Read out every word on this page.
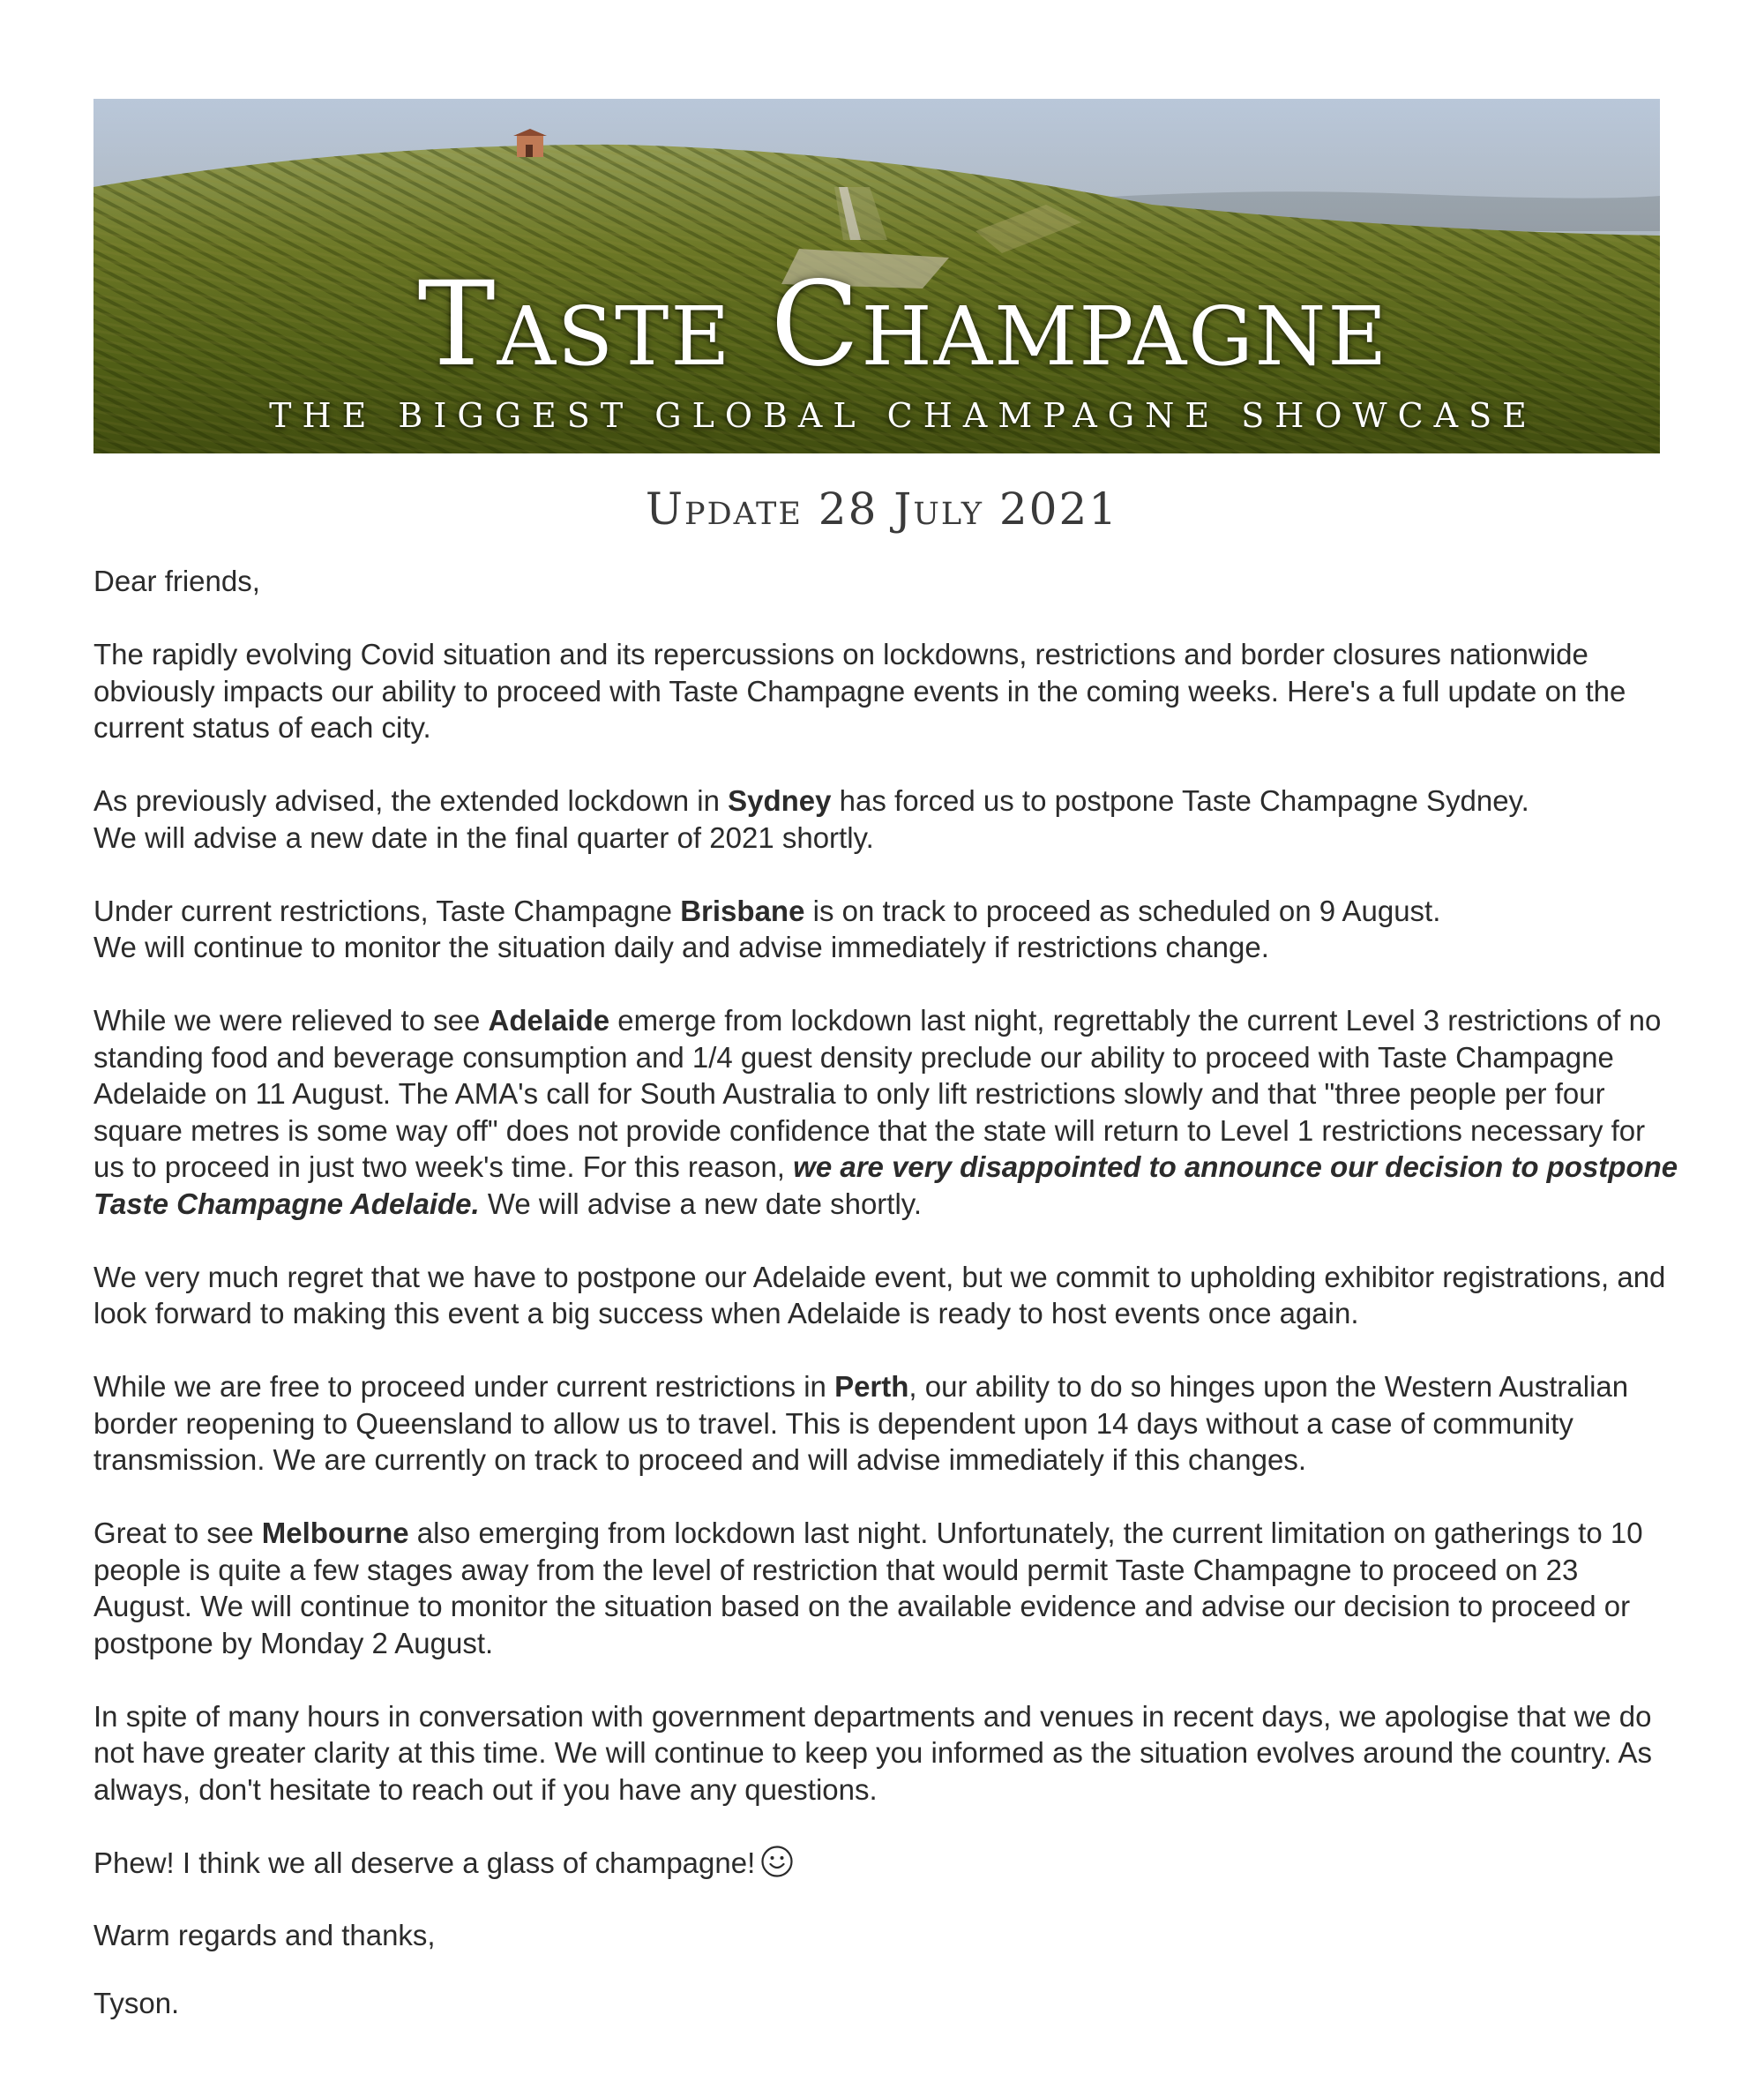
Taste Champagne
THE BIGGEST GLOBAL CHAMPAGNE SHOWCASE
Update 28 July 2021

Dear friends,

The rapidly evolving Covid situation and its repercussions on lockdowns, restrictions and border closures nationwide obviously impacts our ability to proceed with Taste Champagne events in the coming weeks. Here's a full update on the current status of each city.

As previously advised, the extended lockdown in Sydney has forced us to postpone Taste Champagne Sydney.
We will advise a new date in the final quarter of 2021 shortly.

Under current restrictions, Taste Champagne Brisbane is on track to proceed as scheduled on 9 August.
We will continue to monitor the situation daily and advise immediately if restrictions change.

While we were relieved to see Adelaide emerge from lockdown last night, regrettably the current Level 3 restrictions of no standing food and beverage consumption and 1/4 guest density preclude our ability to proceed with Taste Champagne Adelaide on 11 August. The AMA's call for South Australia to only lift restrictions slowly and that "three people per four square metres is some way off" does not provide confidence that the state will return to Level 1 restrictions necessary for us to proceed in just two week's time. For this reason, we are very disappointed to announce our decision to postpone Taste Champagne Adelaide. We will advise a new date shortly.

We very much regret that we have to postpone our Adelaide event, but we commit to upholding exhibitor registrations, and look forward to making this event a big success when Adelaide is ready to host events once again.

While we are free to proceed under current restrictions in Perth, our ability to do so hinges upon the Western Australian border reopening to Queensland to allow us to travel. This is dependent upon 14 days without a case of community transmission. We are currently on track to proceed and will advise immediately if this changes.

Great to see Melbourne also emerging from lockdown last night. Unfortunately, the current limitation on gatherings to 10 people is quite a few stages away from the level of restriction that would permit Taste Champagne to proceed on 23 August. We will continue to monitor the situation based on the available evidence and advise our decision to proceed or postpone by Monday 2 August.

In spite of many hours in conversation with government departments and venues in recent days, we apologise that we do not have greater clarity at this time. We will continue to keep you informed as the situation evolves around the country. As always, don't hesitate to reach out if you have any questions.

Phew! I think we all deserve a glass of champagne!

Warm regards and thanks,

Tyson.
